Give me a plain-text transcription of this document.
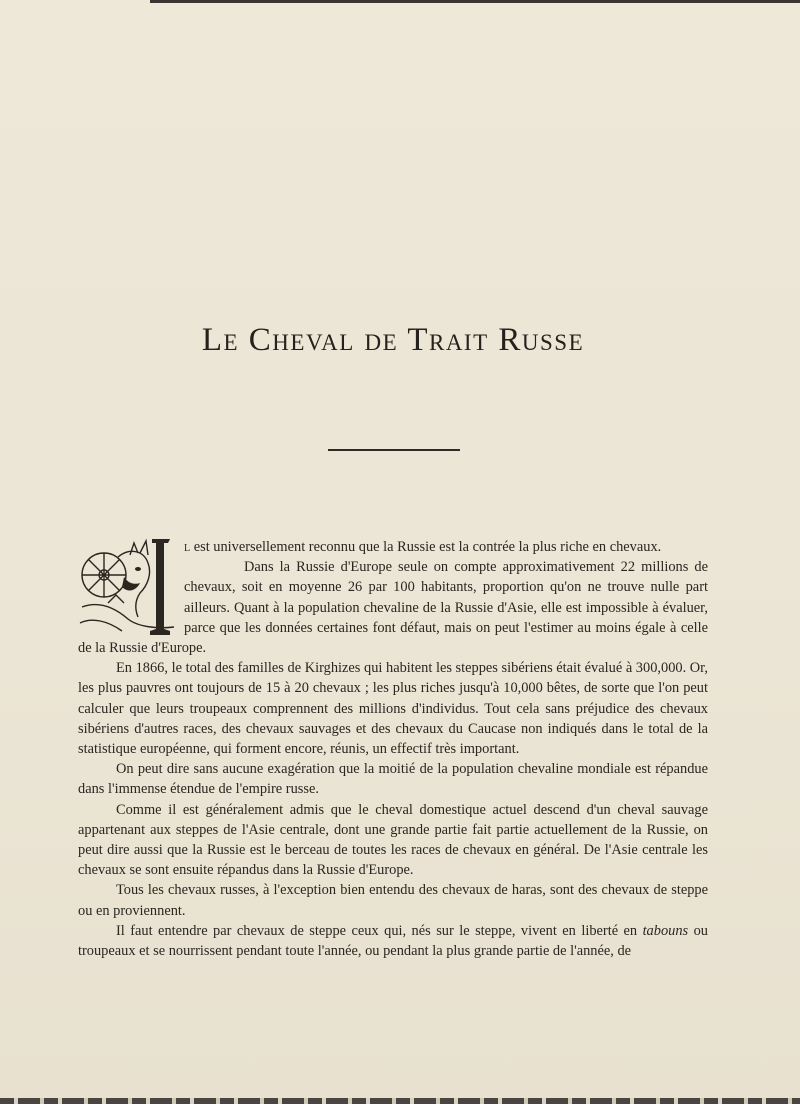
Le Cheval de Trait Russe

l est universellement reconnu que la Russie est la contrée la plus riche en chevaux.
Dans la Russie d'Europe seule on compte approximativement 22 millions de chevaux, soit en moyenne 26 par 100 habitants, proportion qu'on ne trouve nulle part ailleurs. Quant à la population chevaline de la Russie d'Asie, elle est impossible à évaluer, parce que les données certaines font défaut, mais on peut l'estimer au moins égale à celle de la Russie d'Europe.

En 1866, le total des familles de Kirghizes qui habitent les steppes sibériens était évalué à 300,000. Or, les plus pauvres ont toujours de 15 à 20 chevaux ; les plus riches jusqu'à 10,000 bêtes, de sorte que l'on peut calculer que leurs troupeaux comprennent des millions d'individus. Tout cela sans préjudice des chevaux sibériens d'autres races, des chevaux sauvages et des chevaux du Caucase non indiqués dans le total de la statistique européenne, qui forment encore, réunis, un effectif très important.

On peut dire sans aucune exagération que la moitié de la population chevaline mondiale est répandue dans l'immense étendue de l'empire russe.

Comme il est généralement admis que le cheval domestique actuel descend d'un cheval sauvage appartenant aux steppes de l'Asie centrale, dont une grande partie fait partie actuellement de la Russie, on peut dire aussi que la Russie est le berceau de toutes les races de chevaux en général. De l'Asie centrale les chevaux se sont ensuite répandus dans la Russie d'Europe.

Tous les chevaux russes, à l'exception bien entendu des chevaux de haras, sont des chevaux de steppe ou en proviennent.

Il faut entendre par chevaux de steppe ceux qui, nés sur le steppe, vivent en liberté en tabouns ou troupeaux et se nourrissent pendant toute l'année, ou pendant la plus grande partie de l'année, de
